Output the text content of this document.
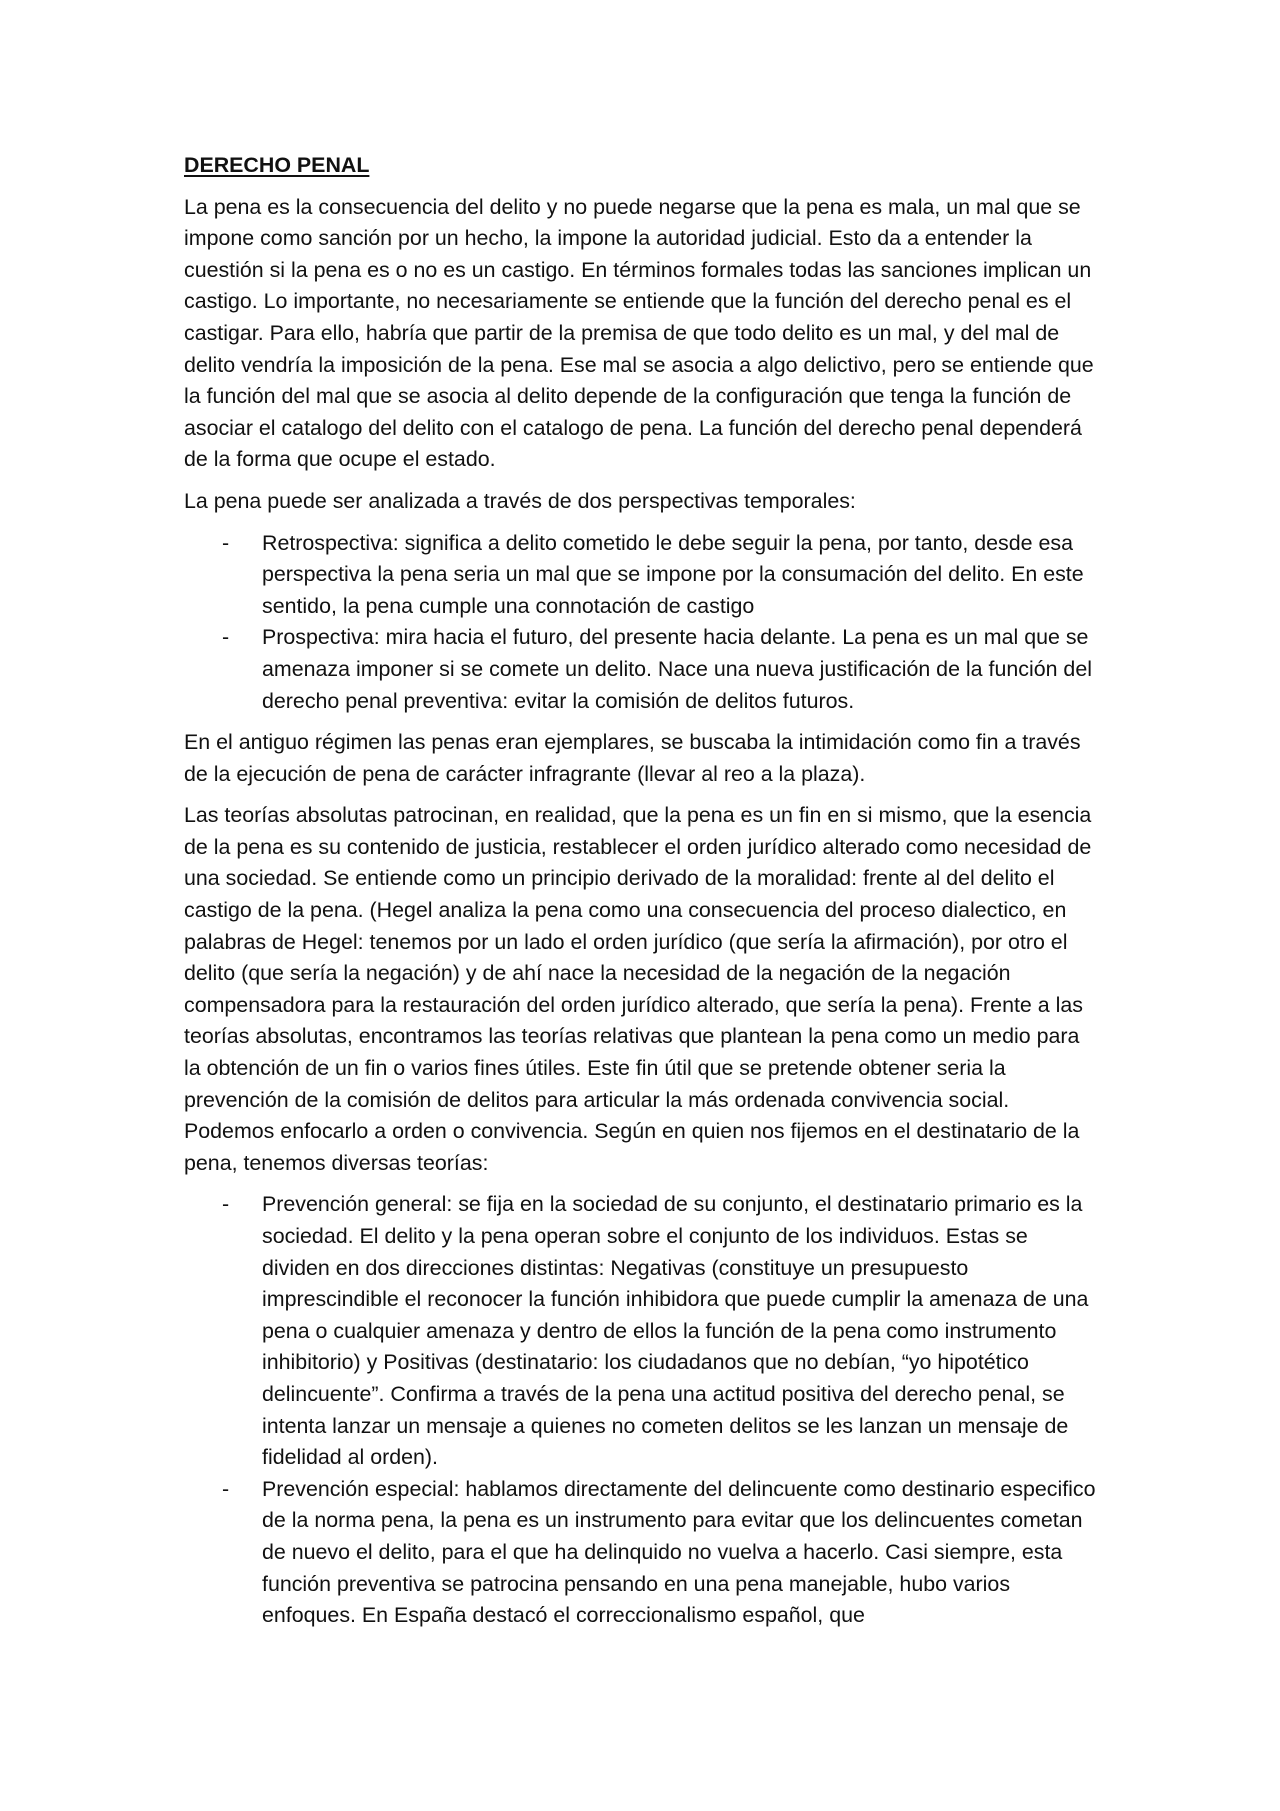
DERECHO PENAL

La pena es la consecuencia del delito y no puede negarse que la pena es mala, un mal que se impone como sanción por un hecho, la impone la autoridad judicial. Esto da a entender la cuestión si la pena es o no es un castigo. En términos formales todas las sanciones implican un castigo. Lo importante, no necesariamente se entiende que la función del derecho penal es el castigar. Para ello, habría que partir de la premisa de que todo delito es un mal, y del mal de delito vendría la imposición de la pena. Ese mal se asocia a algo delictivo, pero se entiende que la función del mal que se asocia al delito depende de la configuración que tenga la función de asociar el catalogo del delito con el catalogo de pena. La función del derecho penal dependerá de la forma que ocupe el estado.

La pena puede ser analizada a través de dos perspectivas temporales:

- Retrospectiva: significa a delito cometido le debe seguir la pena, por tanto, desde esa perspectiva la pena seria un mal que se impone por la consumación del delito. En este sentido, la pena cumple una connotación de castigo
- Prospectiva: mira hacia el futuro, del presente hacia delante. La pena es un mal que se amenaza imponer si se comete un delito. Nace una nueva justificación de la función del derecho penal preventiva: evitar la comisión de delitos futuros.

En el antiguo régimen las penas eran ejemplares, se buscaba la intimidación como fin a través de la ejecución de pena de carácter infragrante (llevar al reo a la plaza).

Las teorías absolutas patrocinan, en realidad, que la pena es un fin en si mismo, que la esencia de la pena es su contenido de justicia, restablecer el orden jurídico alterado como necesidad de una sociedad. Se entiende como un principio derivado de la moralidad: frente al del delito el castigo de la pena. (Hegel analiza la pena como una consecuencia del proceso dialectico, en palabras de Hegel: tenemos por un lado el orden jurídico (que sería la afirmación), por otro el delito (que sería la negación) y de ahí nace la necesidad de la negación de la negación compensadora para la restauración del orden jurídico alterado, que sería la pena). Frente a las teorías absolutas, encontramos las teorías relativas que plantean la pena como un medio para la obtención de un fin o varios fines útiles. Este fin útil que se pretende obtener seria la prevención de la comisión de delitos para articular la más ordenada convivencia social. Podemos enfocarlo a orden o convivencia. Según en quien nos fijemos en el destinatario de la pena, tenemos diversas teorías:

- Prevención general: se fija en la sociedad de su conjunto, el destinatario primario es la sociedad. El delito y la pena operan sobre el conjunto de los individuos. Estas se dividen en dos direcciones distintas: Negativas (constituye un presupuesto imprescindible el reconocer la función inhibidora que puede cumplir la amenaza de una pena o cualquier amenaza y dentro de ellos la función de la pena como instrumento inhibitorio) y Positivas (destinatario: los ciudadanos que no debían, “yo hipotético delincuente”. Confirma a través de la pena una actitud positiva del derecho penal, se intenta lanzar un mensaje a quienes no cometen delitos se les lanzan un mensaje de fidelidad al orden).
- Prevención especial: hablamos directamente del delincuente como destinario especifico de la norma pena, la pena es un instrumento para evitar que los delincuentes cometan de nuevo el delito, para el que ha delinquido no vuelva a hacerlo. Casi siempre, esta función preventiva se patrocina pensando en una pena manejable, hubo varios enfoques. En España destacó el correccionalismo español, que
